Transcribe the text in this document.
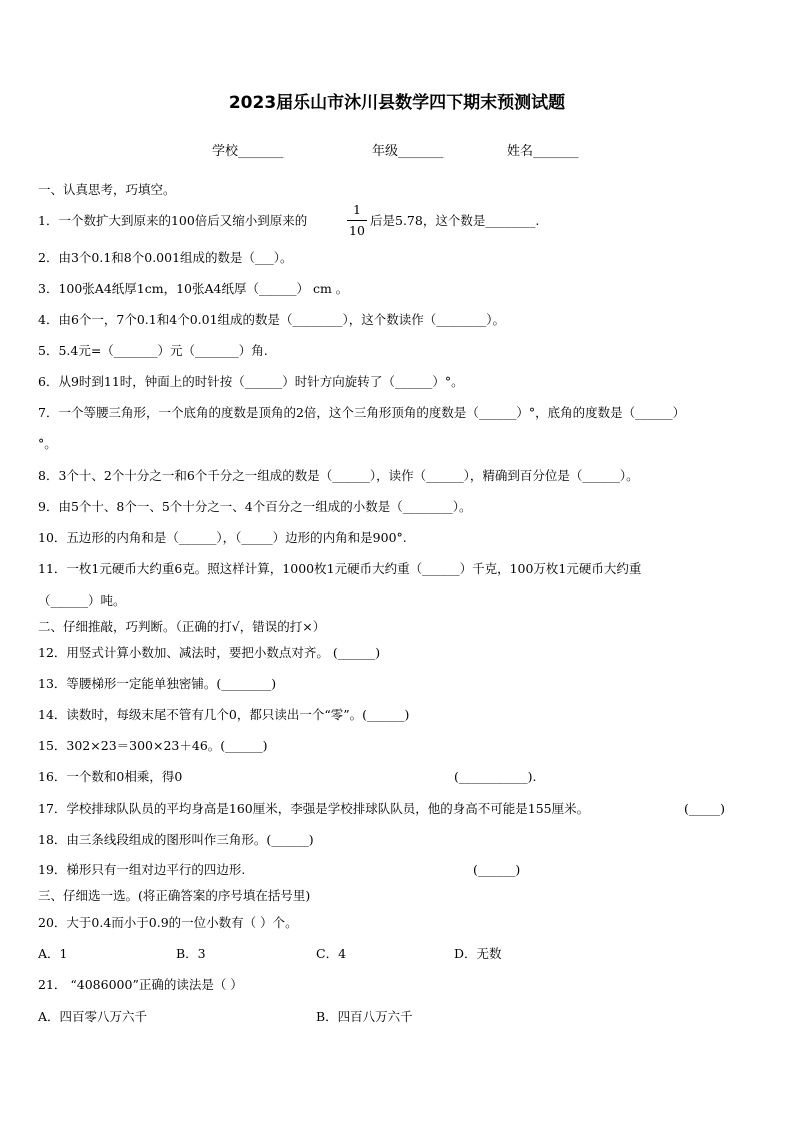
2023届乐山市沐川县数学四下期末预测试题
学校_______	年级_______	姓名_______
一、认真思考，巧填空。
1．一个数扩大到原来的100倍后又缩小到原来的
1
10
后是5.78，这个数是________.
2．由3个0.1和8个0.001组成的数是（___）。
3．100张A4纸厚1cm，10张A4纸厚（______） cm 。
4．由6个一，7个0.1和4个0.01组成的数是（________），这个数读作（________）。
5．5.4元=（_______）元（_______）角.
6．从9时到11时，钟面上的时针按（______）时针方向旋转了（______）°。
7．一个等腰三角形，一个底角的度数是顶角的2倍，这个三角形顶角的度数是（______）°，底角的度数是（______）
°。
8．3个十、2个十分之一和6个千分之一组成的数是（______），读作（______），精确到百分位是（______）。
9．由5个十、8个一、5个十分之一、4个百分之一组成的小数是（________）。
10．五边形的内角和是（______），（_____）边形的内角和是900°.
11．一枚1元硬币大约重6克。照这样计算，1000枚1元硬币大约重（______）千克，100万枚1元硬币大约重
（______）吨。
二、仔细推敲，巧判断。（正确的打√，错误的打×）
12．用竖式计算小数加、减法时，要把小数点对齐。 (______)
13．等腰梯形一定能单独密铺。(________)
14．读数时，每级末尾不管有几个0，都只读出一个“零”。(______)
15．302×23＝300×23＋46。(______)
16．一个数和0相乘，得0	(___________).
17．学校排球队队员的平均身高是160厘米，李强是学校排球队队员，他的身高不可能是155厘米。	(_____)
18．由三条线段组成的图形叫作三角形。(______)
19．梯形只有一组对边平行的四边形.	(______)
三、仔细选一选。(将正确答案的序号填在括号里)
20．大于0.4而小于0.9的一位小数有（ ）个。
A．1	B．3	C．4	D．无数
21． “4086000”正确的读法是（ ）
A．四百零八万六千	B．四百八万六千
